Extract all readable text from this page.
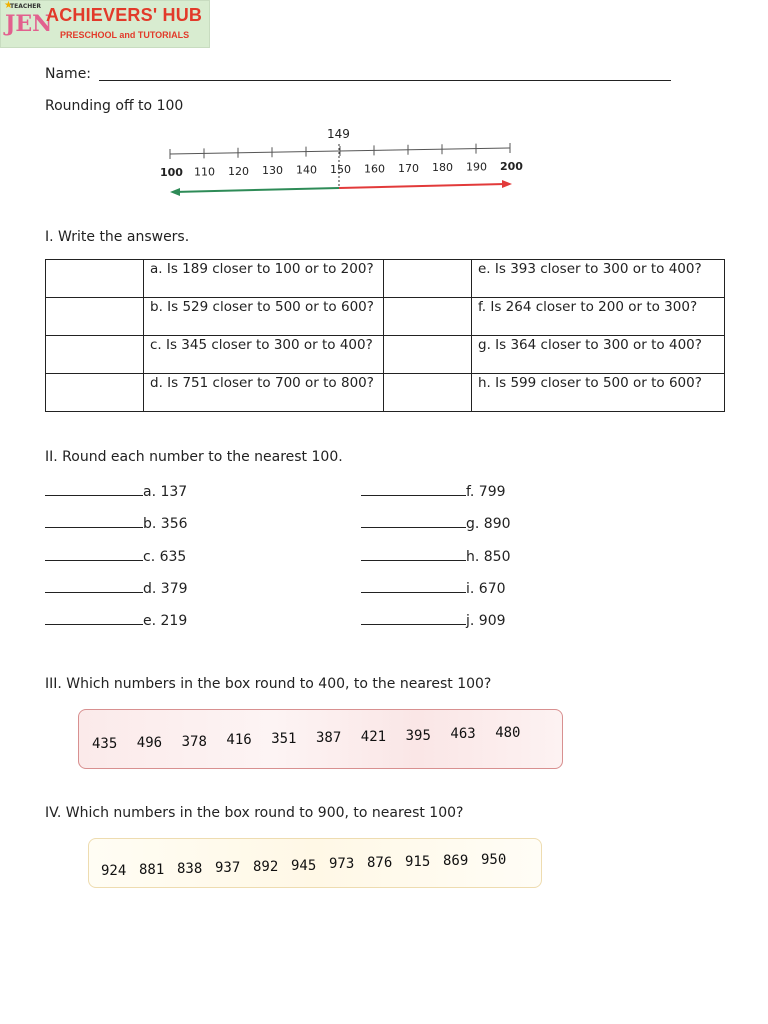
★
TEACHER
JEN
ACHIEVERS' HUB
PRESCHOOL and TUTORIALS
Name:
Rounding off to 100
100 110 120 130 140 150 160 170 180 190 200
149
I. Write the answers.
	a. Is 189 closer to 100 or to 200?		e. Is 393 closer to 300 or to 400?
	b. Is 529 closer to 500 or to 600?		f. Is 264 closer to 200 or to 300?
	c. Is 345 closer to 300 or to 400?		g. Is 364 closer to 300 or to 400?
	d. Is 751 closer to 700 or to 800?		h. Is 599 closer to 500 or to 600?
II. Round each number to the nearest 100.
a. 137
b. 356
c. 635
d. 379
e. 219
f. 799
g. 890
h. 850
i. 670
j. 909
III. Which numbers in the box round to 400, to the nearest 100?
435 496 378 416 351 387 421 395 463 480
IV. Which numbers in the box round to 900, to nearest 100?
924 881 838 937 892 945 973 876 915 869 950
